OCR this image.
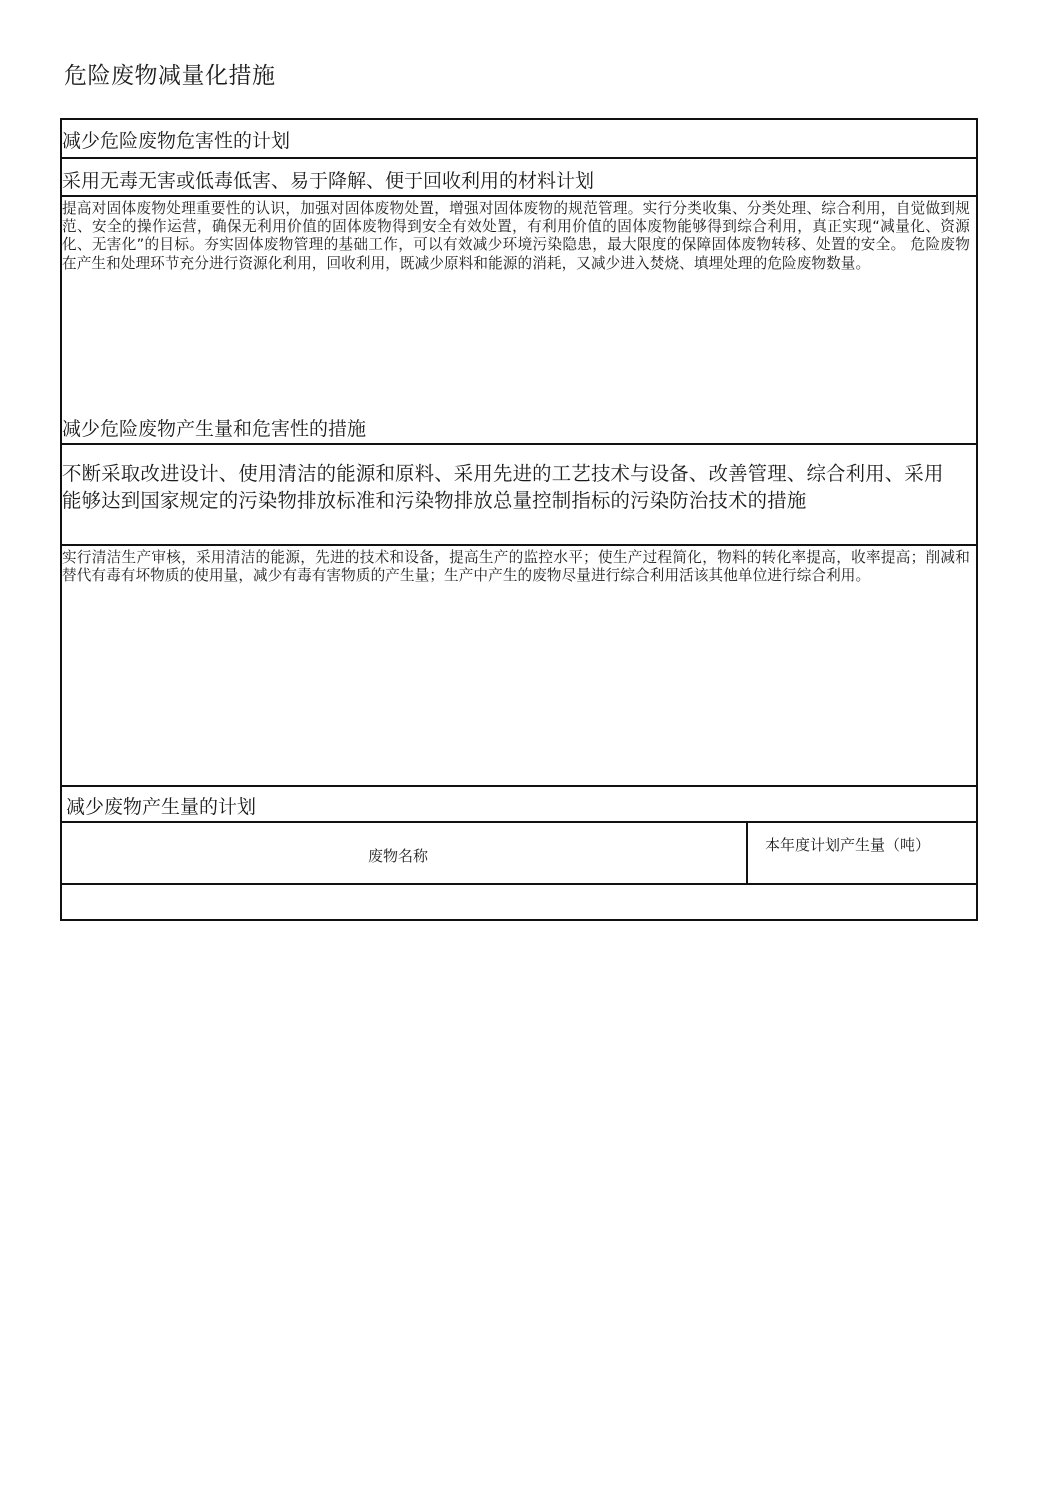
危险废物减量化措施
减少危险废物危害性的计划
采用无毒无害或低毒低害、易于降解、便于回收利用的材料计划
提高对固体废物处理重要性的认识，加强对固体废物处置，增强对固体废物的规范管理。实行分类收集、分类处理、综合利用，自觉做到规范、安全的操作运营，确保无利用价值的固体废物得到安全有效处置，有利用价值的固体废物能够得到综合利用，真正实现“减量化、资源化、无害化”的目标。夯实固体废物管理的基础工作，可以有效减少环境污染隐患，最大限度的保障固体废物转移、处置的安全。 危险废物在产生和处理环节充分进行资源化利用，回收利用，既减少原料和能源的消耗，又减少进入焚烧、填埋处理的危险废物数量。
减少危险废物产生量和危害性的措施
不断采取改进设计、使用清洁的能源和原料、采用先进的工艺技术与设备、改善管理、综合利用、采用能够达到国家规定的污染物排放标准和污染物排放总量控制指标的污染防治技术的措施
实行清洁生产审核，采用清洁的能源，先进的技术和设备，提高生产的监控水平；使生产过程简化，物料的转化率提高，收率提高；削减和替代有毒有坏物质的使用量，减少有毒有害物质的产生量；生产中产生的废物尽量进行综合利用活该其他单位进行综合利用。
减少废物产生量的计划
废物名称
本年度计划产生量（吨）
